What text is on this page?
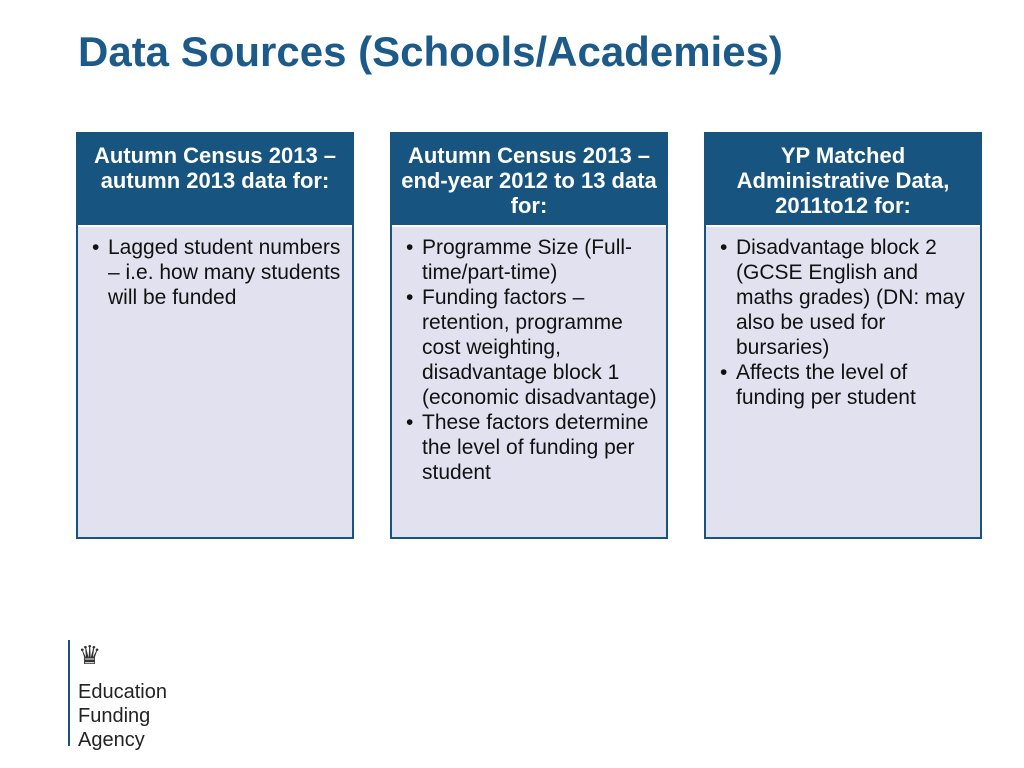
Data Sources (Schools/Academies)
Autumn Census 2013 – autumn 2013 data for:
• Lagged student numbers – i.e. how many students will be funded
Autumn Census 2013 – end-year 2012 to 13 data for:
• Programme Size (Full-time/part-time)
• Funding factors – retention, programme cost weighting, disadvantage block 1 (economic disadvantage)
• These factors determine the level of funding per student
YP Matched Administrative Data, 2011to12 for:
• Disadvantage block 2 (GCSE English and maths grades) (DN: may also be used for bursaries)
• Affects the level of funding per student
♛
Education
Funding
Agency
